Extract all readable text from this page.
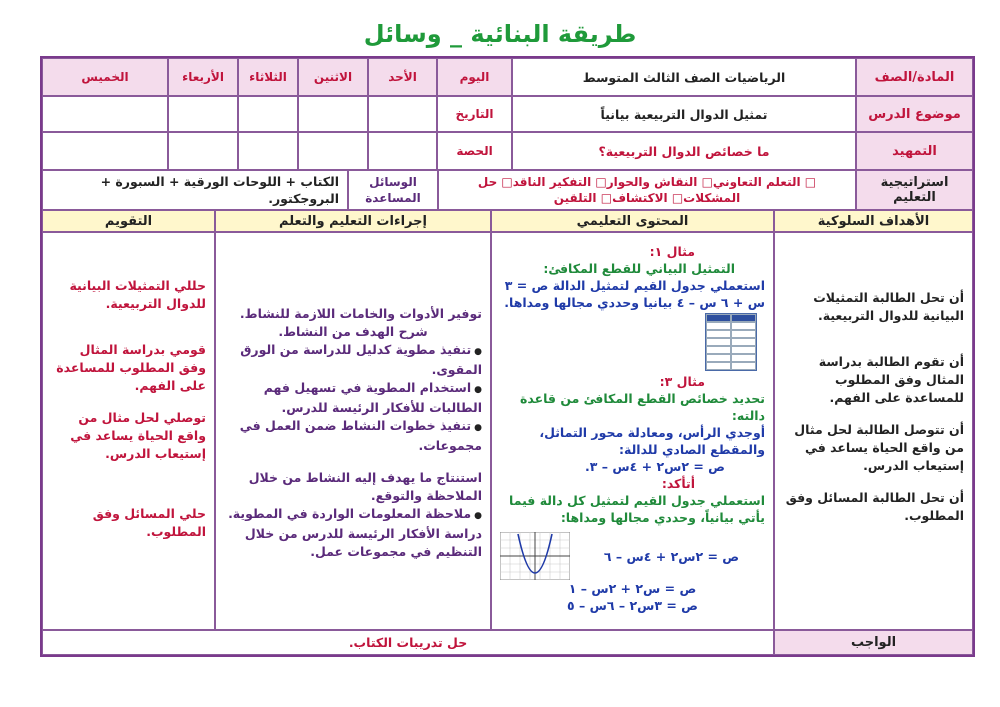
طريقة البنائية _ وسائل
المادة/الصف
الرياضيات الصف الثالث المتوسط
اليوم
الأحد
الاثنين
الثلاثاء
الأربعاء
الخميس
موضوع الدرس
تمثيل الدوال التربيعية بيانياً
التاريخ
التمهيد
ما خصائص الدوال التربيعية؟
الحصة
استراتيجية التعليم
□ التعلم التعاوني□ النقاش والحوار□ التفكير الناقد□ حل المشكلات□ الاكتشاف□ التلقين
الوسائل المساعدة
الكتاب + اللوحات الورقية + السبورة + البروجكتور.
الأهداف السلوكية
المحتوى التعليمي
إجراءات التعليم والتعلم
التقويم
أن تحل الطالبة التمثيلات البيانية للدوال التربيعية.
أن تقوم الطالبة بدراسة المثال وفق المطلوب للمساعدة على الفهم.
أن تتوصل الطالبة لحل مثال من واقع الحياة يساعد في إستيعاب الدرس.
أن تحل الطالبة المسائل وفق المطلوب.
مثال ١:
التمثيل البياني للقطع المكافئ:
استعملي جدول القيم لتمثيل الدالة ص = ٣ س + ٦ س – ٤ بيانيا وحددي مجالها ومداها.
مثال ٣:
تحديد خصائص القطع المكافئ من قاعدة دالته:
أوجدي الرأس، ومعادلة محور التماثل، والمقطع الصادي للدالة:
ص = ٢س٢ + ٤س – ٣.
أتأكد:
استعملي جدول القيم لتمثيل كل دالة فيما يأتي بيانياً، وحددي مجالها ومداها:
ص = ٢س٢ + ٤س – ٦
ص = س٢ + ٢س – ١
ص = ٣س٢ – ٦س – ٥
توفير الأدوات والخامات اللازمة للنشاط.
شرح الهدف من النشاط.
● تنفيذ مطوية كدليل للدراسة من الورق المقوى.
● استخدام المطوية في تسهيل فهم الطالبات للأفكار الرئيسة للدرس.
● تنفيذ خطوات النشاط ضمن العمل في مجموعات.
استنتاج ما يهدف إليه النشاط من خلال الملاحظة والتوقع.
● ملاحظة المعلومات الواردة في المطوية.
دراسة الأفكار الرئيسة للدرس من خلال التنظيم في مجموعات عمل.
حللي التمثيلات البيانية للدوال التربيعية.
قومي بدراسة المثال وفق المطلوب للمساعدة على الفهم.
توصلي لحل مثال من واقع الحياة يساعد في إستيعاب الدرس.
حلي المسائل وفق المطلوب.
الواجب
حل تدريبات الكتاب.
